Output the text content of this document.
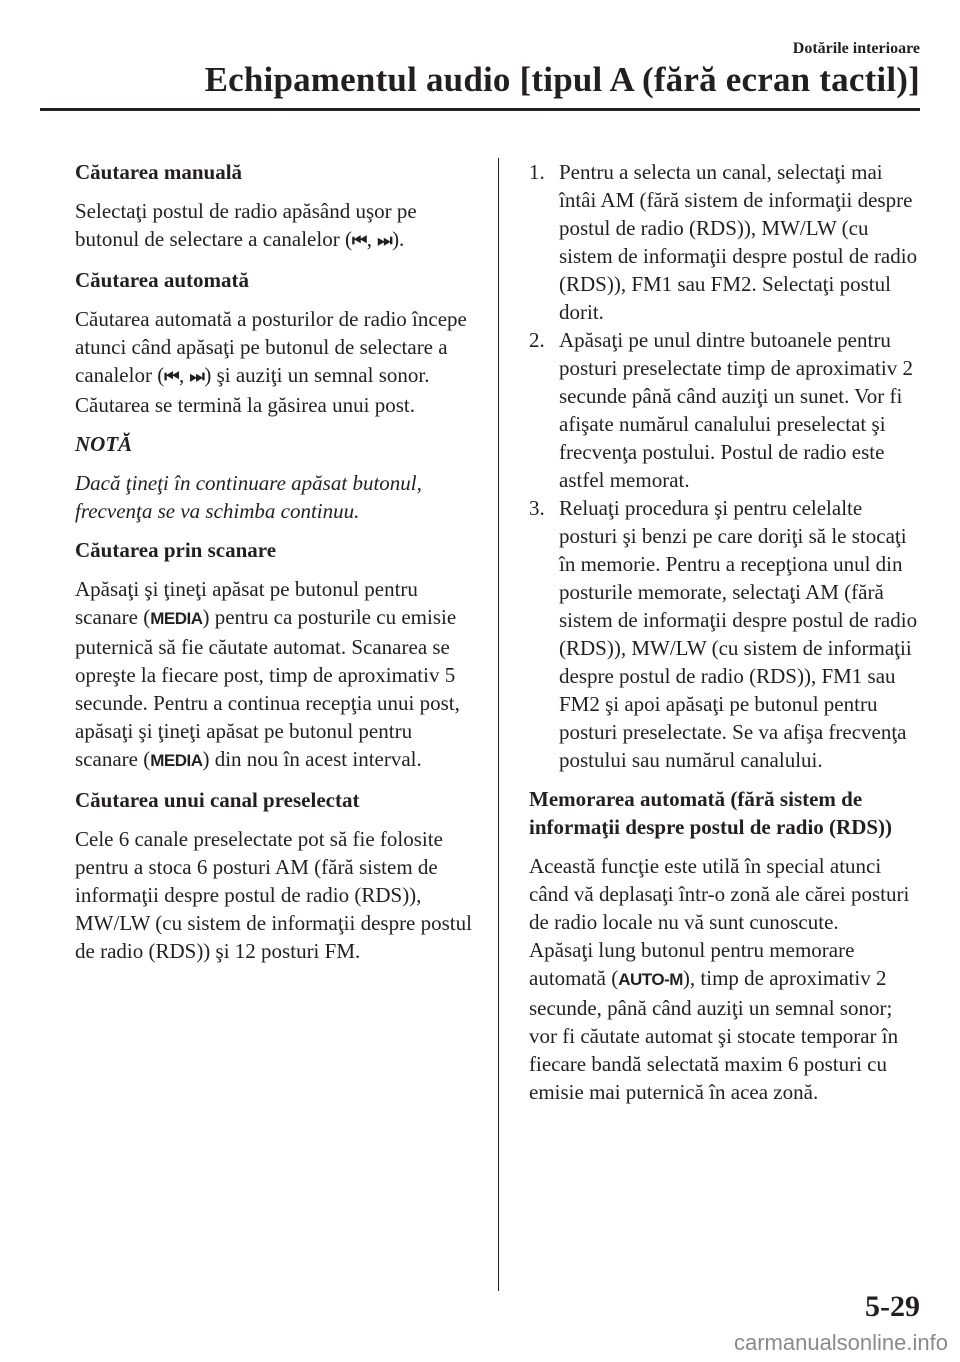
Dotările interioare
Echipamentul audio [tipul A (fără ecran tactil)]
Căutarea manuală

Selectaţi postul de radio apăsând uşor pe butonul de selectare a canalelor (⏮, ⏭).

Căutarea automată

Căutarea automată a posturilor de radio începe atunci când apăsaţi pe butonul de selectare a canalelor (⏮, ⏭) şi auziţi un semnal sonor. Căutarea se termină la găsirea unui post.

NOTĂ

Dacă ţineţi în continuare apăsat butonul, frecvenţa se va schimba continuu.

Căutarea prin scanare

Apăsaţi şi ţineţi apăsat pe butonul pentru scanare (MEDIA) pentru ca posturile cu emisie puternică să fie căutate automat. Scanarea se opreşte la fiecare post, timp de aproximativ 5 secunde. Pentru a continua recepţia unui post, apăsaţi şi ţineţi apăsat pe butonul pentru scanare (MEDIA) din nou în acest interval.

Căutarea unui canal preselectat

Cele 6 canale preselectate pot să fie folosite pentru a stoca 6 posturi AM (fără sistem de informaţii despre postul de radio (RDS)), MW/LW (cu sistem de informaţii despre postul de radio (RDS)) şi 12 posturi FM.

1. Pentru a selecta un canal, selectaţi mai întâi AM (fără sistem de informaţii despre postul de radio (RDS)), MW/LW (cu sistem de informaţii despre postul de radio (RDS)), FM1 sau FM2. Selectaţi postul dorit.
2. Apăsaţi pe unul dintre butoanele pentru posturi preselectate timp de aproximativ 2 secunde până când auziţi un sunet. Vor fi afişate numărul canalului preselectat şi frecvenţa postului. Postul de radio este astfel memorat.
3. Reluaţi procedura şi pentru celelalte posturi şi benzi pe care doriţi să le stocaţi în memorie. Pentru a recepţiona unul din posturile memorate, selectaţi AM (fără sistem de informaţii despre postul de radio (RDS)), MW/LW (cu sistem de informaţii despre postul de radio (RDS)), FM1 sau FM2 şi apoi apăsaţi pe butonul pentru posturi preselectate. Se va afişa frecvenţa postului sau numărul canalului.
Memorarea automată (fără sistem de informaţii despre postul de radio (RDS))

Această funcţie este utilă în special atunci când vă deplasaţi într-o zonă ale cărei posturi de radio locale nu vă sunt cunoscute.

Apăsaţi lung butonul pentru memorare automată (AUTO-M), timp de aproximativ 2 secunde, până când auziţi un semnal sonor; vor fi căutate automat şi stocate temporar în fiecare bandă selectată maxim 6 posturi cu emisie mai puternică în acea zonă.

5-29
carmanualsonline.info
